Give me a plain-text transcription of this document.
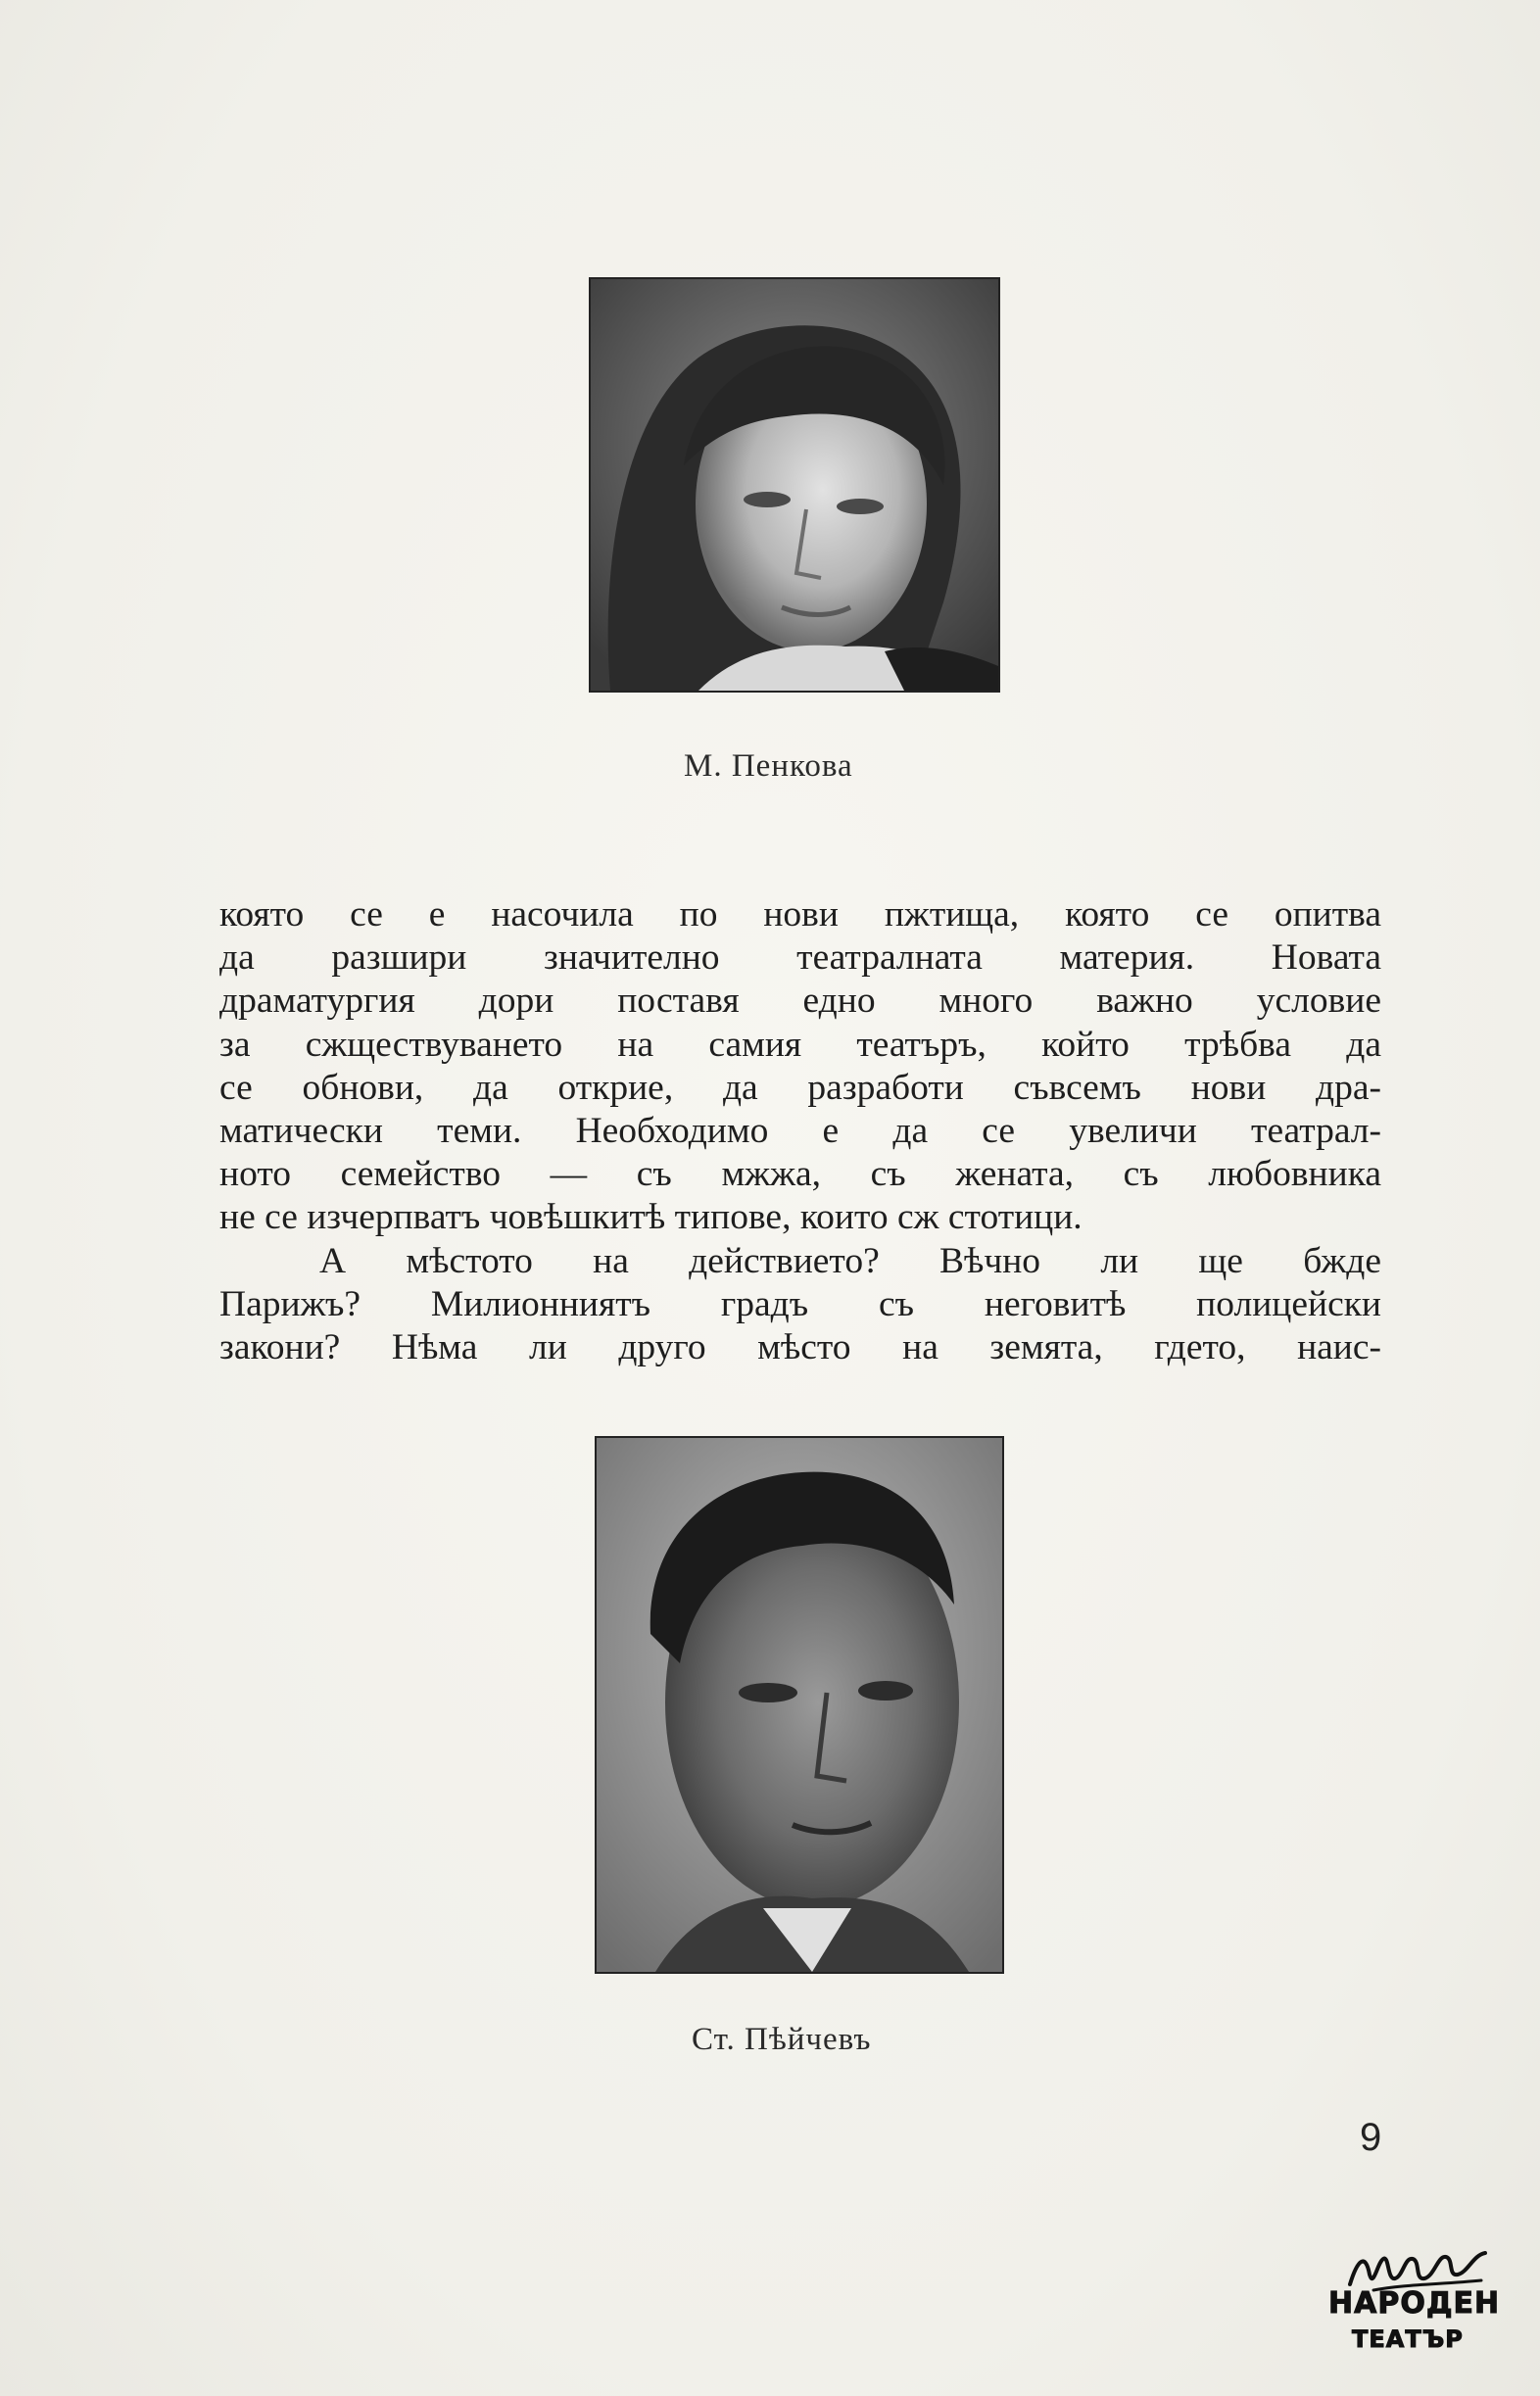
М. Пенкова
която се е насочила по нови пжтища, която се опитва
да разшири значително театралната материя. Новата
драматургия дори поставя едно много важно условие
за сжществуването на самия театъръ, който трѣбва да
се обнови, да открие, да разработи съвсемъ нови дра-
матически теми. Необходимо е да се увеличи театрал-
ното семейство — съ мжжа, съ жената, съ любовника
не се изчерпватъ човѣшкитѣ типове, които сж стотици.
А мѣстото на действието? Вѣчно ли ще бжде
Парижъ? Милионниятъ градъ съ неговитѣ полицейски
закони? Нѣма ли друго мѣсто на земята, гдето, наис-
Ст. Пѣйчевъ
9
НАРОДЕН
ТЕАТЪР
